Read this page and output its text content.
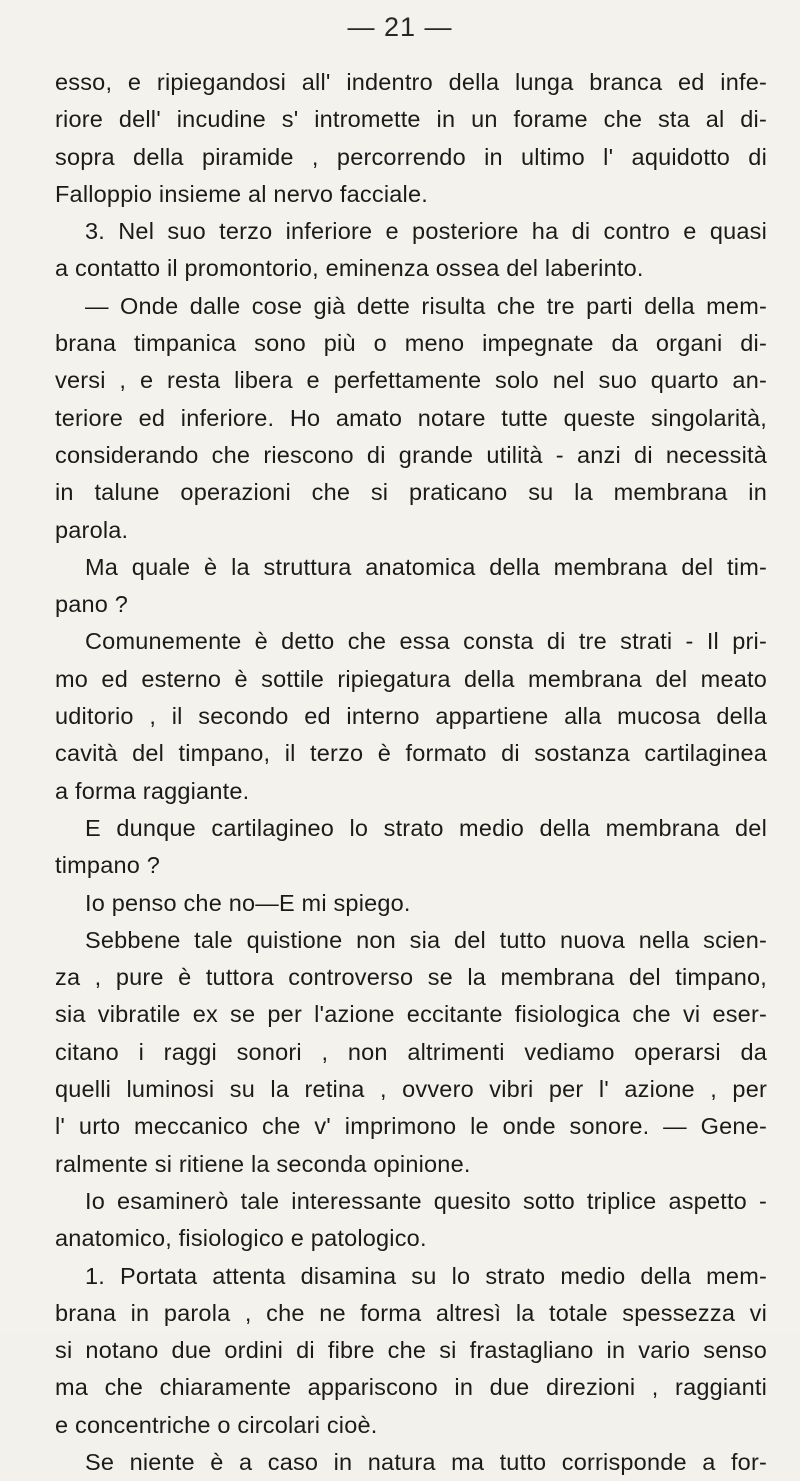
— 21 —
esso, e ripiegandosi all' indentro della lunga branca ed infe-
riore dell' incudine s' intromette in un forame che sta al di-
sopra della piramide , percorrendo in ultimo l' aquidotto di
Falloppio insieme al nervo facciale.
3. Nel suo terzo inferiore e posteriore ha di contro e quasi
a contatto il promontorio, eminenza ossea del laberinto.
— Onde dalle cose già dette risulta che tre parti della mem-
brana timpanica sono più o meno impegnate da organi di-
versi , e resta libera e perfettamente solo nel suo quarto an-
teriore ed inferiore. Ho amato notare tutte queste singolarità,
considerando che riescono di grande utilità - anzi di necessità
in talune operazioni che si praticano su la membrana in
parola.
Ma quale è la struttura anatomica della membrana del tim-
pano ?
Comunemente è detto che essa consta di tre strati - Il pri-
mo ed esterno è sottile ripiegatura della membrana del meato
uditorio , il secondo ed interno appartiene alla mucosa della
cavità del timpano, il terzo è formato di sostanza cartilaginea
a forma raggiante.
E dunque cartilagineo lo strato medio della membrana del
timpano ?
Io penso che no—E mi spiego.
Sebbene tale quistione non sia del tutto nuova nella scien-
za , pure è tuttora controverso se la membrana del timpano,
sia vibratile ex se per l'azione eccitante fisiologica che vi eser-
citano i raggi sonori , non altrimenti vediamo operarsi da
quelli luminosi su la retina , ovvero vibri per l' azione , per
l' urto meccanico che v' imprimono le onde sonore. — Gene-
ralmente si ritiene la seconda opinione.
Io esaminerò tale interessante quesito sotto triplice aspetto -
anatomico, fisiologico e patologico.
1. Portata attenta disamina su lo strato medio della mem-
brana in parola , che ne forma altresì la totale spessezza vi
si notano due ordini di fibre che si frastagliano in vario senso
ma che chiaramente appariscono in due direzioni , raggianti
e concentriche o circolari cioè.
Se niente è a caso in natura ma tutto corrisponde a for-
